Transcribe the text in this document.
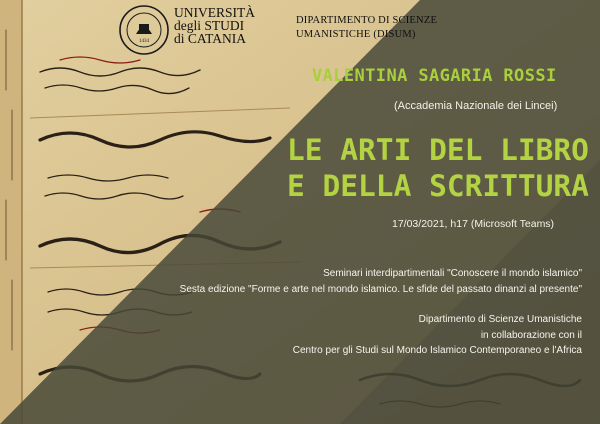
1434
UNIVERSITÀ
degli STUDI
di CATANIA
DIPARTIMENTO DI SCIENZE
UMANISTICHE (DISUM)
VALENTINA SAGARIA ROSSI
(Accademia Nazionale dei Lincei)
LE ARTI DEL LIBRO
E DELLA SCRITTURA
17/03/2021, h17 (Microsoft Teams)
Seminari interdipartimentali "Conoscere il mondo islamico"
Sesta edizione "Forme e arte nel mondo islamico. Le sfide del passato dinanzi al presente"
Dipartimento di Scienze Umanistiche
in collaborazione con il
Centro per gli Studi sul Mondo Islamico Contemporaneo e l'Africa
